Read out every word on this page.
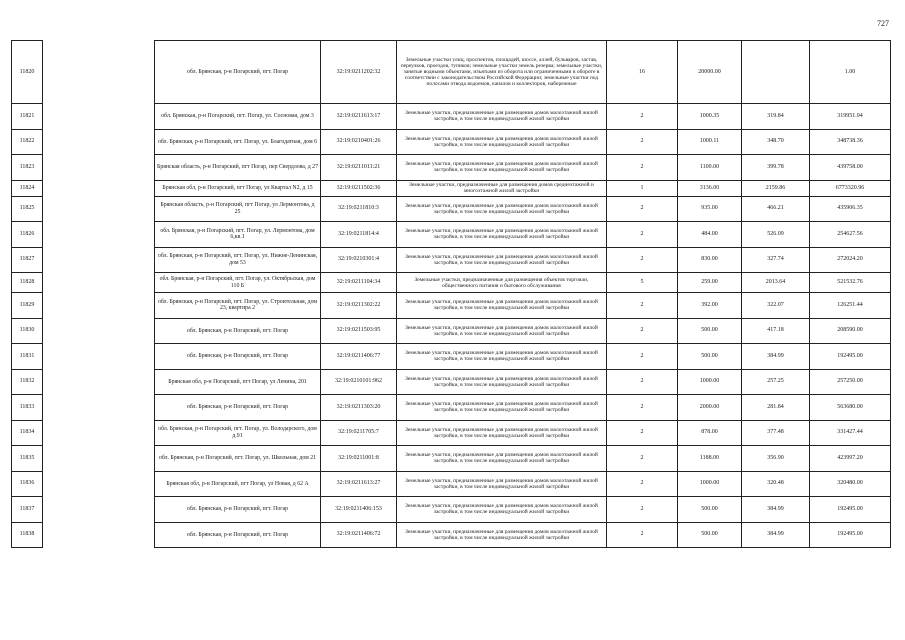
727
11820		обл. Брянская, р-н Погарский, пгт. Погар	32:19:0211202:32	Земельные участки улиц, проспектов, площадей, шоссе, аллей, бульваров, застав, переулков, проездов, тупиков; земельные участки земель резерва; земельные участки, занятые водными объектами, изъятыми из оборота или ограниченными в обороте в соответствии с законодательством Российской Федерации; земельные участки под полосами отвода водоемов, каналов и коллекторов, набережные	16	20000.00		1.00
11821		обл. Брянская, р-н Погарский, пгт. Погар, ул. Сосновая, дом 3	32:19:0211613:17	Земельные участки, предназначенные для размещения домов малоэтажной жилой застройки, в том числе индивидуальной жилой застройки	2	1000.35	319.84	319951.94
11822		обл. Брянская, р-н Погарский, пгт. Погар, ул. Благодатная, дом 6	32:19:0210401:26	Земельные участки, предназначенные для размещения домов малоэтажной жилой застройки, в том числе индивидуальной жилой застройки	2	1000.11	348.70	348738.36
11823		Брянская область, р-н Погарский, пгт Погар, пер Свердлова, д 27	32:19:0211011:21	Земельные участки, предназначенные для размещения домов малоэтажной жилой застройки, в том числе индивидуальной жилой застройки	2	1100.00	399.78	439758.00
11824		Брянская обл, р-н Погарский, пгт Погар, ул Квартал N2, д 15	32:19:0211502:36	Земельные участки, предназначенные для размещения домов среднеэтажной и многоэтажной жилой застройки	1	3136.00	2159.86	6773320.96
11825		Брянская область, р-н Погарский, пгт Погар, ул Лермонтова, д 25	32:19:0211810:3	Земельные участки, предназначенные для размещения домов малоэтажной жилой застройки, в том числе индивидуальной жилой застройки	2	935.00	466.21	435906.35
11826		обл. Брянская, р-н Погарский, пгт. Погар, ул. Лермонтова, дом 6,кв.1	32:19:0211814:4	Земельные участки, предназначенные для размещения домов малоэтажной жилой застройки, в том числе индивидуальной жилой застройки	2	484.00	526.09	254627.56
11827		обл. Брянская, р-н Погарский, пгт. Погар, ул. Нижне-Ленинская, дом 53	32:19:0210301:4	Земельные участки, предназначенные для размещения домов малоэтажной жилой застройки, в том числе индивидуальной жилой застройки	2	830.00	327.74	272024.20
11828		обл. Брянская, р-н Погарский, пгт. Погар, ул. Октябрьская, дом 110 Б	32:19:0211104:34	Земельные участки, предназначенные для размещения объектов торговли, общественного питания и бытового обслуживания	5	259.00	2013.64	521532.76
11829		обл. Брянская, р-н Погарский, пгт. Погар, ул. Строительная, дом 23, квартира 2	32:19:0211302:22	Земельные участки, предназначенные для размещения домов малоэтажной жилой застройки, в том числе индивидуальной жилой застройки	2	392.00	322.07	126251.44
11830		обл. Брянская, р-н Погарский, пгт. Погар	32:19:0211503:95	Земельные участки, предназначенные для размещения домов малоэтажной жилой застройки, в том числе индивидуальной жилой застройки	2	500.00	417.18	208590.00
11831		обл. Брянская, р-н Погарский, пгт. Погар	32:19:0211406:77	Земельные участки, предназначенные для размещения домов малоэтажной жилой застройки, в том числе индивидуальной жилой застройки	2	500.00	384.99	192495.00
11832		Брянская обл, р-н Погарский, пгт Погар, ул Ленина, 201	32:19:0210101:962	Земельные участки, предназначенные для размещения домов малоэтажной жилой застройки, в том числе индивидуальной жилой застройки	2	1000.00	257.25	257250.00
11833		обл. Брянская, р-н Погарский, пгт. Погар	32:19:0211303:20	Земельные участки, предназначенные для размещения домов малоэтажной жилой застройки, в том числе индивидуальной жилой застройки	2	2000.00	281.84	563680.00
11834		обл. Брянская, р-н Погарский, пгт. Погар, ул. Володарского, дом д.91	32:19:0211705:7	Земельные участки, предназначенные для размещения домов малоэтажной жилой застройки, в том числе индивидуальной жилой застройки	2	878.00	377.48	331427.44
11835		обл. Брянская, р-н Погарский, пгт. Погар, ул. Школьная, дом 21	32:19:0211001:8	Земельные участки, предназначенные для размещения домов малоэтажной жилой застройки, в том числе индивидуальной жилой застройки	2	1188.00	356.90	423997.20
11836		Брянская обл, р-н Погарский, пгт Погар, ул Новая, д 62 А	32:19:0211613:27	Земельные участки, предназначенные для размещения домов малоэтажной жилой застройки, в том числе индивидуальной жилой застройки	2	1000.00	320.48	320480.00
11837		обл. Брянская, р-н Погарский, пгт. Погар	32:19:0211406:153	Земельные участки, предназначенные для размещения домов малоэтажной жилой застройки, в том числе индивидуальной жилой застройки	2	500.00	384.99	192495.00
11838		обл. Брянская, р-н Погарский, пгт. Погар	32:19:0211406:72	Земельные участки, предназначенные для размещения домов малоэтажной жилой застройки, в том числе индивидуальной жилой застройки	2	500.00	384.99	192495.00
